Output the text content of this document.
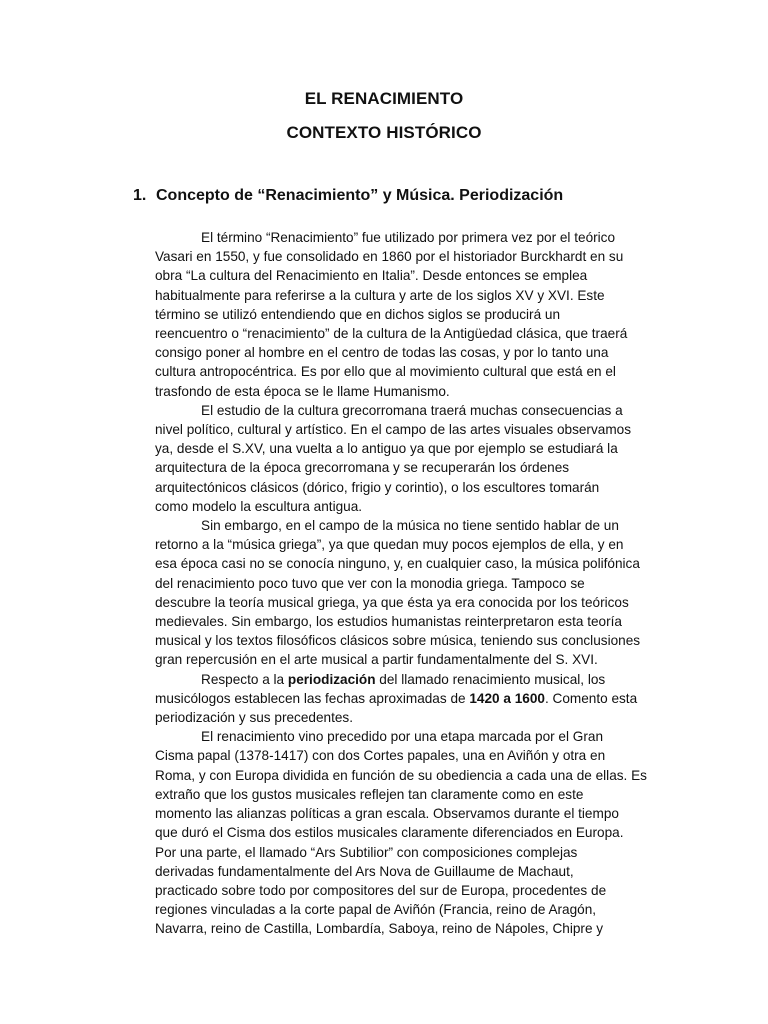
EL RENACIMIENTO
CONTEXTO HISTÓRICO
1. Concepto de “Renacimiento” y Música. Periodización
El término “Renacimiento” fue utilizado por primera vez por el teórico
Vasari en 1550, y fue consolidado en 1860 por el historiador Burckhardt en su
obra “La cultura del Renacimiento en Italia”. Desde entonces se emplea
habitualmente para referirse a la cultura y arte de los siglos XV y XVI. Este
término se utilizó entendiendo que en dichos siglos se producirá un
reencuentro o “renacimiento” de la cultura de la Antigüedad clásica, que traerá
consigo poner al hombre en el centro de todas las cosas, y por lo tanto una
cultura antropocéntrica. Es por ello que al movimiento cultural que está en el
trasfondo de esta época se le llame Humanismo.
El estudio de la cultura grecorromana traerá muchas consecuencias a
nivel político, cultural y artístico. En el campo de las artes visuales observamos
ya, desde el S.XV, una vuelta a lo antiguo ya que por ejemplo se estudiará la
arquitectura de la época grecorromana y se recuperarán los órdenes
arquitectónicos clásicos (dórico, frigio y corintio), o los escultores tomarán
como modelo la escultura antigua.
Sin embargo, en el campo de la música no tiene sentido hablar de un
retorno a la “música griega”, ya que quedan muy pocos ejemplos de ella, y en
esa época casi no se conocía ninguno, y, en cualquier caso, la música polifónica
del renacimiento poco tuvo que ver con la monodia griega. Tampoco se
descubre la teoría musical griega, ya que ésta ya era conocida por los teóricos
medievales. Sin embargo, los estudios humanistas reinterpretaron esta teoría
musical y los textos filosóficos clásicos sobre música, teniendo sus conclusiones
gran repercusión en el arte musical a partir fundamentalmente del S. XVI.
Respecto a la periodización del llamado renacimiento musical, los
musicólogos establecen las fechas aproximadas de 1420 a 1600. Comento esta
periodización y sus precedentes.
El renacimiento vino precedido por una etapa marcada por el Gran
Cisma papal (1378-1417) con dos Cortes papales, una en Aviñón y otra en
Roma, y con Europa dividida en función de su obediencia a cada una de ellas. Es
extraño que los gustos musicales reflejen tan claramente como en este
momento las alianzas políticas a gran escala. Observamos durante el tiempo
que duró el Cisma dos estilos musicales claramente diferenciados en Europa.
Por una parte, el llamado “Ars Subtilior” con composiciones complejas
derivadas fundamentalmente del Ars Nova de Guillaume de Machaut,
practicado sobre todo por compositores del sur de Europa, procedentes de
regiones vinculadas a la corte papal de Aviñón (Francia, reino de Aragón,
Navarra, reino de Castilla, Lombardía, Saboya, reino de Nápoles, Chipre y
